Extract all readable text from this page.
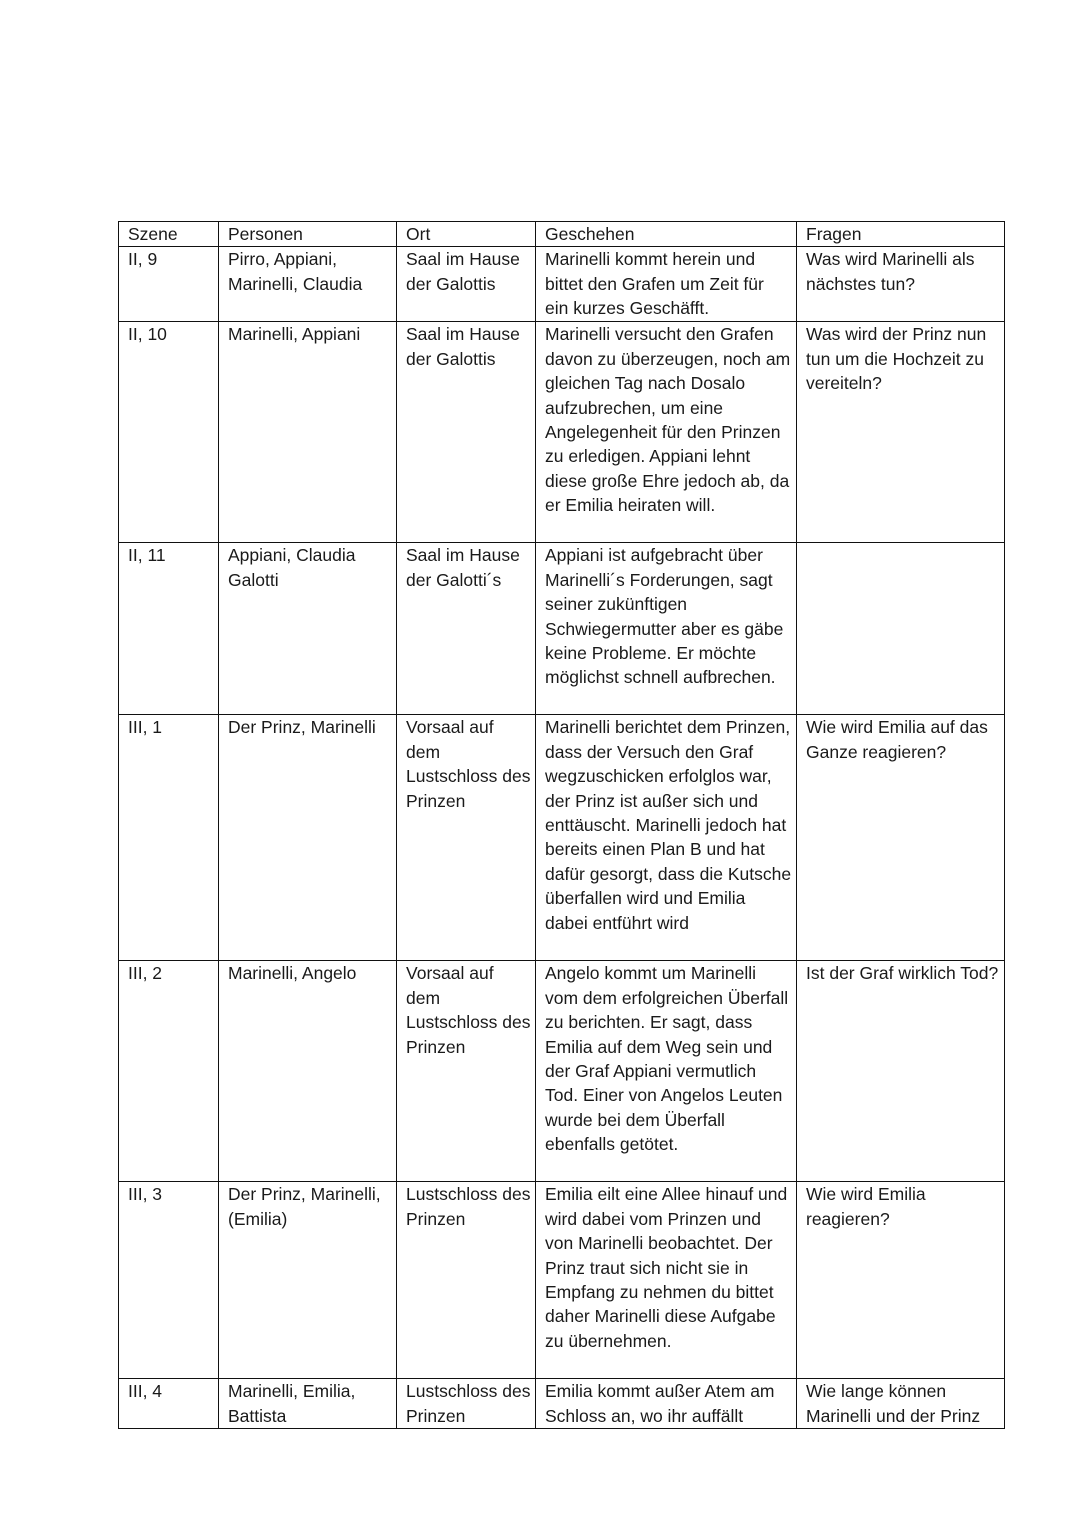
Szene	Personen	Ort	Geschehen	Fragen
II, 9	Pirro, Appiani, Marinelli, Claudia	Saal im Hause der Galottis	Marinelli kommt herein und bittet den Grafen um Zeit für ein kurzes Geschäfft.	Was wird Marinelli als nächstes tun?
II, 10	Marinelli, Appiani	Saal im Hause der Galottis	Marinelli versucht den Grafen davon zu überzeugen, noch am gleichen Tag nach Dosalo aufzubrechen, um eine Angelegenheit für den Prinzen zu erledigen. Appiani lehnt diese große Ehre jedoch ab, da er Emilia heiraten will.	Was wird der Prinz nun tun um die Hochzeit zu vereiteln?
II, 11	Appiani, Claudia Galotti	Saal im Hause der Galotti´s	Appiani ist aufgebracht über Marinelli´s Forderungen, sagt seiner zukünftigen Schwiegermutter aber es gäbe keine Probleme. Er möchte möglichst schnell aufbrechen.	
III, 1	Der Prinz, Marinelli	Vorsaal auf dem Lustschloss des Prinzen	Marinelli berichtet dem Prinzen, dass der Versuch den Graf wegzuschicken erfolglos war, der Prinz ist außer sich und enttäuscht. Marinelli jedoch hat bereits einen Plan B und hat dafür gesorgt, dass die Kutsche überfallen wird und Emilia dabei entführt wird	Wie wird Emilia auf das Ganze reagieren?
III, 2	Marinelli, Angelo	Vorsaal auf dem Lustschloss des Prinzen	Angelo kommt um Marinelli vom dem erfolgreichen Überfall zu berichten. Er sagt, dass Emilia auf dem Weg sein und der Graf Appiani vermutlich Tod. Einer von Angelos Leuten wurde bei dem Überfall ebenfalls getötet.	Ist der Graf wirklich Tod?
III, 3	Der Prinz, Marinelli, (Emilia)	Lustschloss des Prinzen	Emilia eilt eine Allee hinauf und wird dabei vom Prinzen und von Marinelli beobachtet. Der Prinz traut sich nicht sie in Empfang zu nehmen du bittet daher Marinelli diese Aufgabe zu übernehmen.	Wie wird Emilia reagieren?
III, 4	Marinelli, Emilia, Battista	Lustschloss des Prinzen	Emilia kommt außer Atem am Schloss an, wo ihr auffällt	Wie lange können Marinelli und der Prinz
